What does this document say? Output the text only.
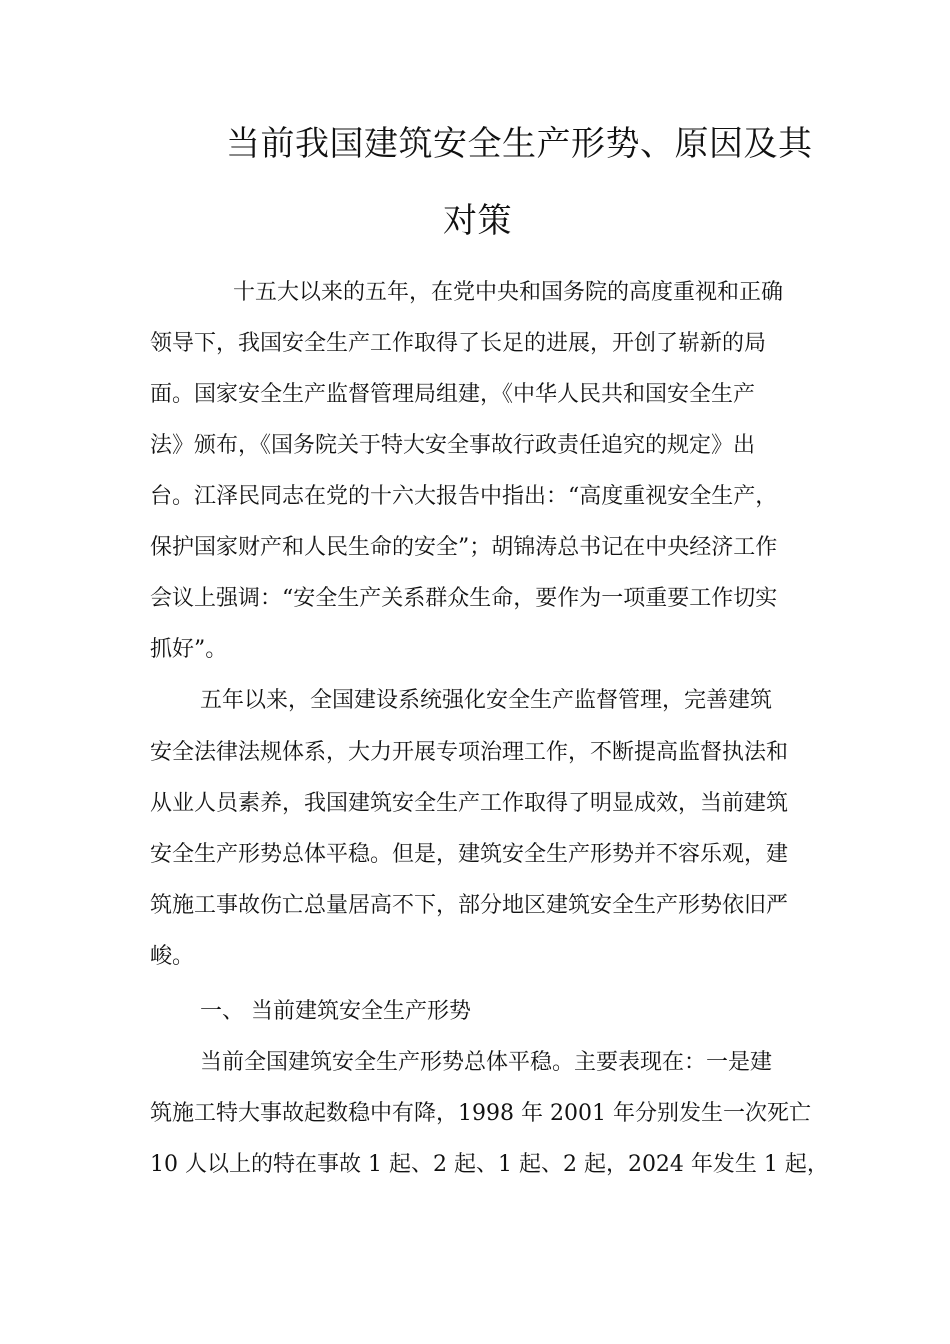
当前我国建筑安全生产形势、原因及其
对策
十五大以来的五年，在党中央和国务院的高度重视和正确
领导下，我国安全生产工作取得了长足的进展，开创了崭新的局
面。国家安全生产监督管理局组建，《中华人民共和国安全生产
法》颁布，《国务院关于特大安全事故行政责任追究的规定》出
台。江泽民同志在党的十六大报告中指出：“高度重视安全生产，
保护国家财产和人民生命的安全”；胡锦涛总书记在中央经济工作
会议上强调：“安全生产关系群众生命，要作为一项重要工作切实
抓好”。
五年以来，全国建设系统强化安全生产监督管理，完善建筑
安全法律法规体系，大力开展专项治理工作，不断提高监督执法和
从业人员素养，我国建筑安全生产工作取得了明显成效，当前建筑
安全生产形势总体平稳。但是，建筑安全生产形势并不容乐观，建
筑施工事故伤亡总量居高不下，部分地区建筑安全生产形势依旧严
峻。
一、 当前建筑安全生产形势
当前全国建筑安全生产形势总体平稳。主要表现在：一是建
筑施工特大事故起数稳中有降，1998 年 2001 年分别发生一次死亡
10 人以上的特在事故 1 起、2 起、1 起、2 起，2024 年发生 1 起，
